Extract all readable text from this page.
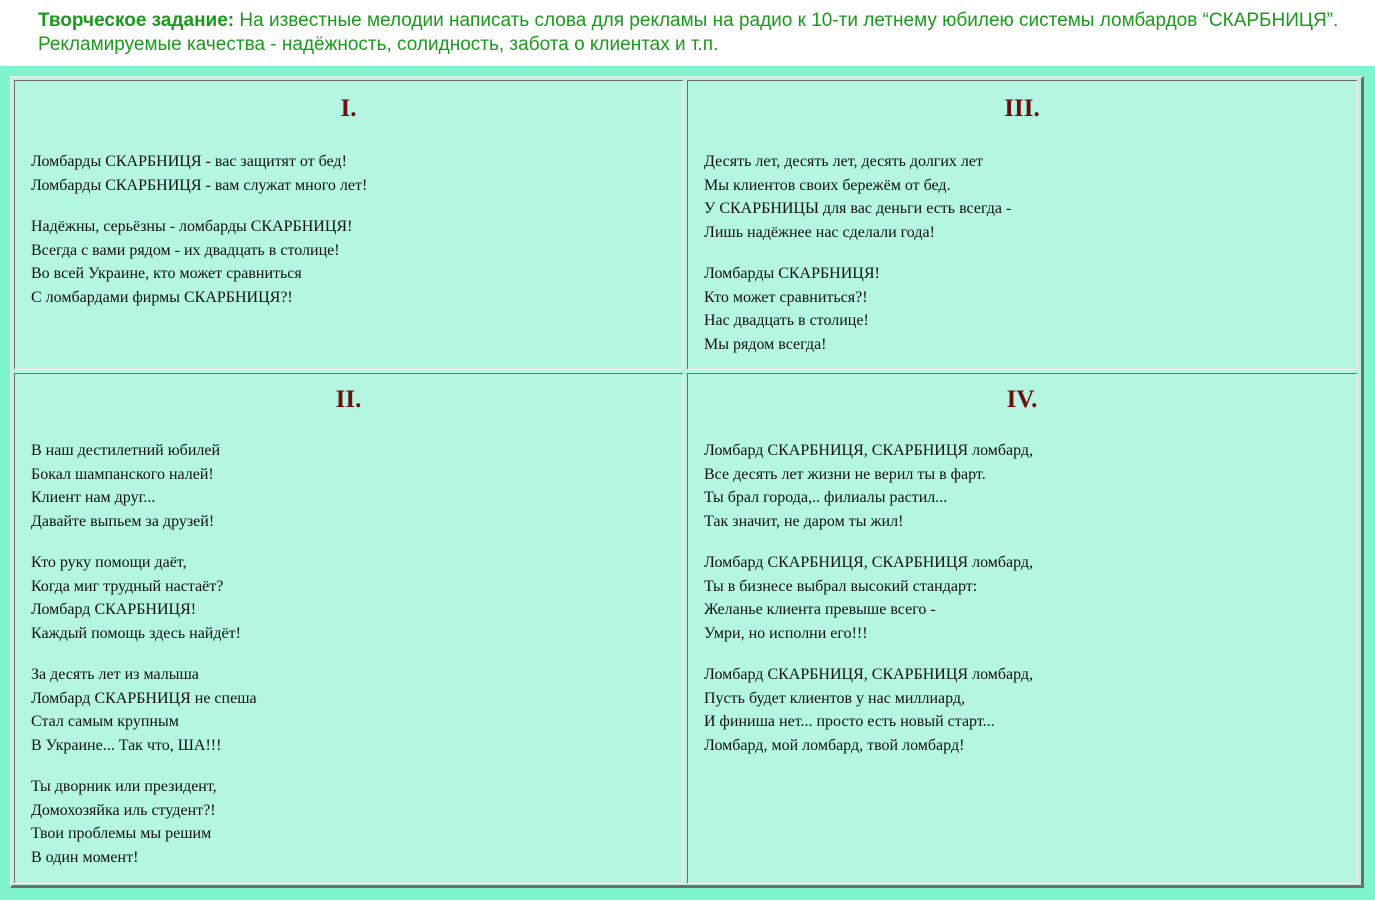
Творческое задание: На известные мелодии написать слова для рекламы на радио к 10-ти летнему юбилею системы ломбардов “СКАРБНИЦЯ”. Рекламируемые качества - надёжность, солидность, забота о клиентах и т.п.
I.
Ломбарды СКАРБНИЦЯ - вас защитят от бед!
Ломбарды СКАРБНИЦЯ - вам служат много лет!
Надёжны, серьёзны - ломбарды СКАРБНИЦЯ!
Всегда с вами рядом - их двадцать в столице!
Во всей Украине, кто может сравниться
С ломбардами фирмы СКАРБНИЦЯ?!
III.
Десять лет, десять лет, десять долгих лет
Мы клиентов своих бережём от бед.
У СКАРБНИЦЫ для вас деньги есть всегда -
Лишь надёжнее нас сделали года!
Ломбарды СКАРБНИЦЯ!
Кто может сравниться?!
Нас двадцать в столице!
Мы рядом всегда!
II.
В наш дестилетний юбилей
Бокал шампанского налей!
Клиент нам друг...
Давайте выпьем за друзей!
Кто руку помощи даёт,
Когда миг трудный настаёт?
Ломбард СКАРБНИЦЯ!
Каждый помощь здесь найдёт!
За десять лет из малыша
Ломбард СКАРБНИЦЯ не спеша
Стал самым крупным
В Украине... Так что, ША!!!
Ты дворник или президент,
Домохозяйка иль студент?!
Твои проблемы мы решим
В один момент!
IV.
Ломбард СКАРБНИЦЯ, СКАРБНИЦЯ ломбард,
Все десять лет жизни не верил ты в фарт.
Ты брал города,.. филиалы растил...
Так значит, не даром ты жил!
Ломбард СКАРБНИЦЯ, СКАРБНИЦЯ ломбард,
Ты в бизнесе выбрал высокий стандарт:
Желанье клиента превыше всего -
Умри, но исполни его!!!
Ломбард СКАРБНИЦЯ, СКАРБНИЦЯ ломбард,
Пусть будет клиентов у нас миллиард,
И финиша нет... просто есть новый старт...
Ломбард, мой ломбард, твой ломбард!
